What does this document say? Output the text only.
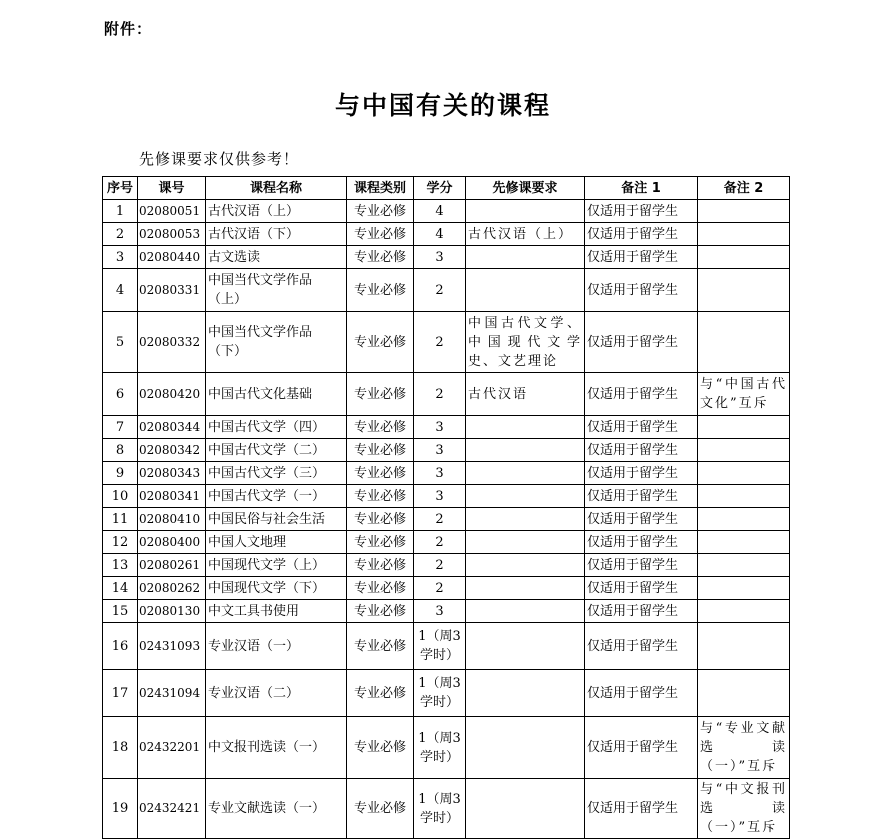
附件：
与中国有关的课程
先修课要求仅供参考！
序号	课号	课程名称	课程类别	学分	先修课要求	备注 1	备注 2
1	02080051	古代汉语（上）	专业必修	4		仅适用于留学生	
2	02080053	古代汉语（下）	专业必修	4	古代汉语（上）	仅适用于留学生	
3	02080440	古文选读	专业必修	3		仅适用于留学生	
4	02080331	中国当代文学作品（上）	专业必修	2		仅适用于留学生	
5	02080332	中国当代文学作品（下）	专业必修	2	中国古代文学、中国现代文学史、文艺理论	仅适用于留学生	
6	02080420	中国古代文化基础	专业必修	2	古代汉语	仅适用于留学生	与“中国古代文化”互斥
7	02080344	中国古代文学（四）	专业必修	3		仅适用于留学生	
8	02080342	中国古代文学（二）	专业必修	3		仅适用于留学生	
9	02080343	中国古代文学（三）	专业必修	3		仅适用于留学生	
10	02080341	中国古代文学（一）	专业必修	3		仅适用于留学生	
11	02080410	中国民俗与社会生活	专业必修	2		仅适用于留学生	
12	02080400	中国人文地理	专业必修	2		仅适用于留学生	
13	02080261	中国现代文学（上）	专业必修	2		仅适用于留学生	
14	02080262	中国现代文学（下）	专业必修	2		仅适用于留学生	
15	02080130	中文工具书使用	专业必修	3		仅适用于留学生	
16	02431093	专业汉语（一）	专业必修	1（周3学时）		仅适用于留学生	
17	02431094	专业汉语（二）	专业必修	1（周3学时）		仅适用于留学生	
18	02432201	中文报刊选读（一）	专业必修	1（周3学时）		仅适用于留学生	与“专业文献选读（一）”互斥
19	02432421	专业文献选读（一）	专业必修	1（周3学时）		仅适用于留学生	与“中文报刊选读（一）”互斥
